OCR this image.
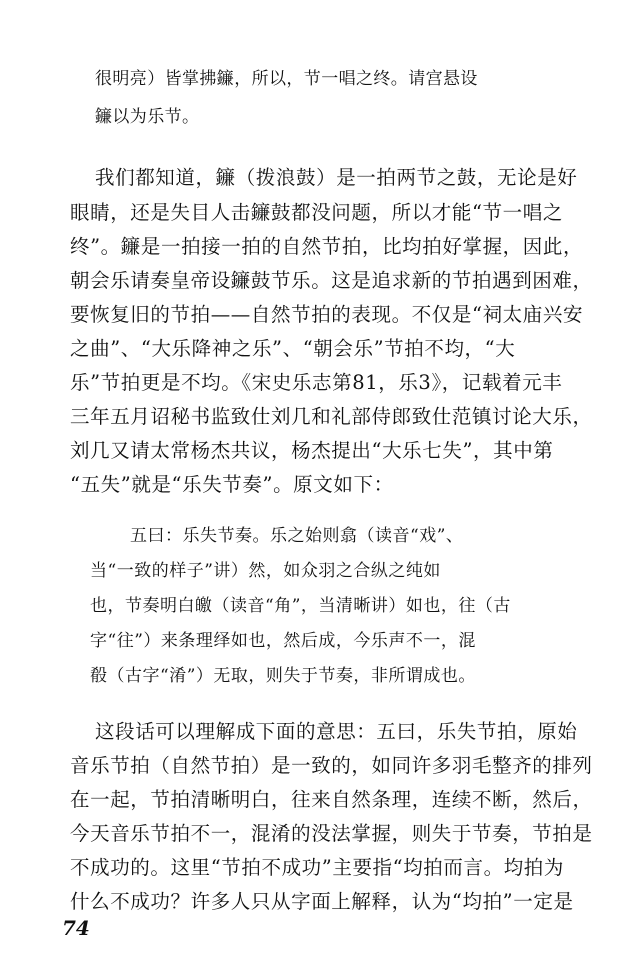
很明亮）皆掌拂䥥，所以，节一唱之终。请宫悬设
䥥以为乐节。
我们都知道，䥥（拨浪鼓）是一拍两节之鼓，无论是好
眼睛，还是失目人击䥥鼓都没问题，所以才能“节一唱之
终”。䥥是一拍接一拍的自然节拍，比均拍好掌握，因此，
朝会乐请奏皇帝设䥥鼓节乐。这是追求新的节拍遇到困难，
要恢复旧的节拍——自然节拍的表现。不仅是“祠太庙兴安
之曲”、“大乐降神之乐”、“朝会乐”节拍不均，“大
乐”节拍更是不均。《宋史乐志第81，乐3》，记载着元丰
三年五月诏秘书监致仕刘几和礼部侍郎致仕范镇讨论大乐，
刘几又请太常杨杰共议，杨杰提出“大乐七失”，其中第
“五失”就是“乐失节奏”。原文如下：
五曰：乐失节奏。乐之始则翕（读音“戏”、
当“一致的样子”讲）然，如众羽之合纵之纯如
也，节奏明白皦（读音“角”，当清晰讲）如也，往（古
字“往”）来条理绎如也，然后成，今乐声不一，混
殽（古字“淆”）无取，则失于节奏，非所谓成也。
这段话可以理解成下面的意思：五曰，乐失节拍，原始
音乐节拍（自然节拍）是一致的，如同许多羽毛整齐的排列
在一起，节拍清晰明白，往来自然条理，连续不断，然后，
今天音乐节拍不一，混淆的没法掌握，则失于节奏，节拍是
不成功的。这里“节拍不成功”主要指“均拍而言。均拍为
什么不成功？许多人只从字面上解释，认为“均拍”一定是
74
